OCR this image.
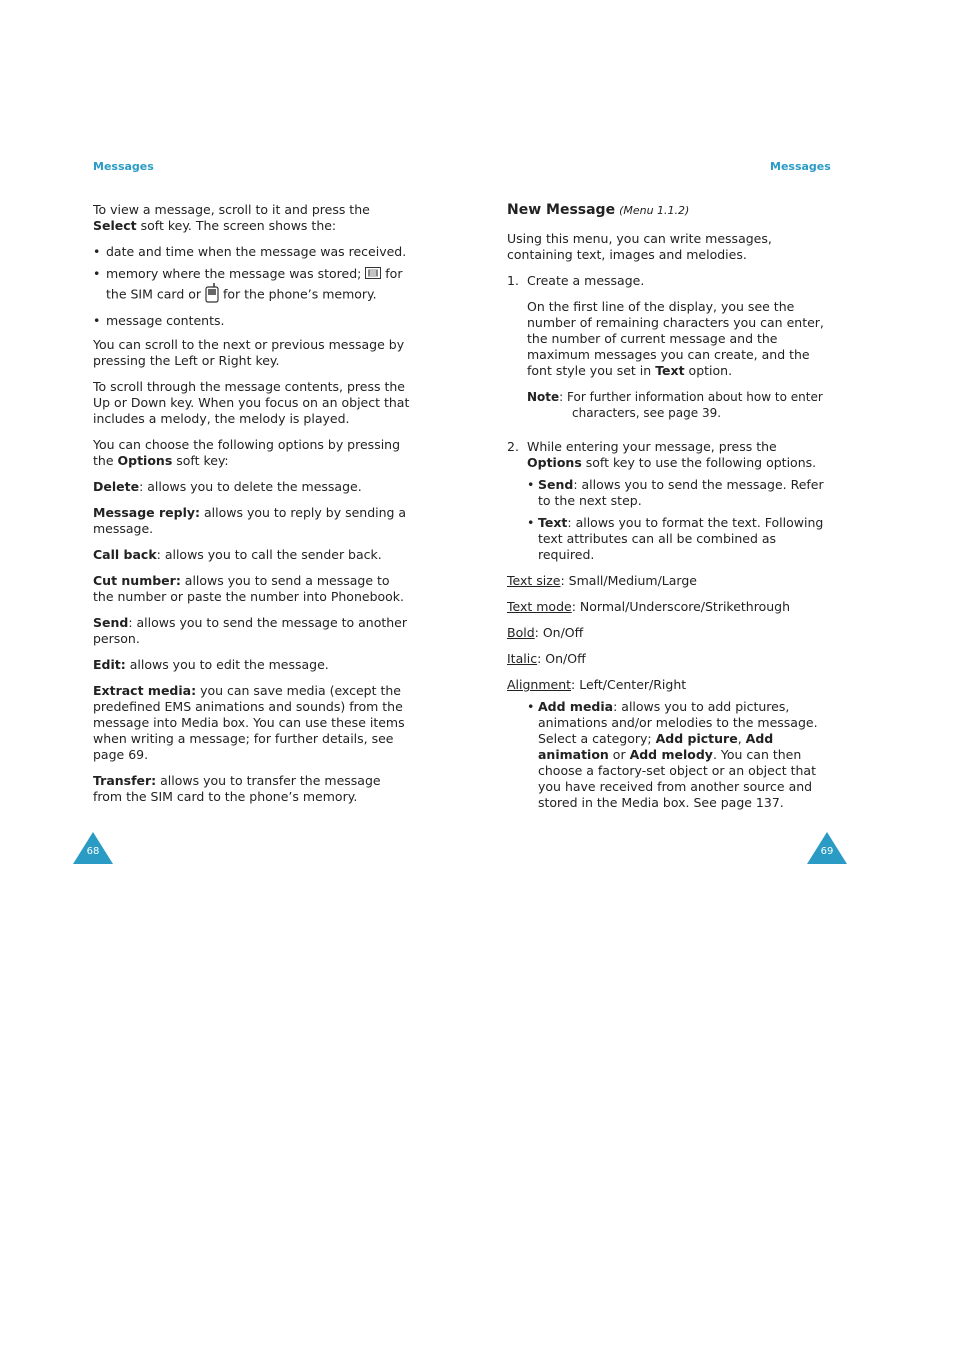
Messages	Messages

To view a message, scroll to it and press the Select soft key. The screen shows the:

• date and time when the message was received.
• memory where the message was stored;  for the SIM card or  for the phone’s memory.
• message contents.

You can scroll to the next or previous message by pressing the Left or Right key.

To scroll through the message contents, press the Up or Down key. When you focus on an object that includes a melody, the melody is played.

You can choose the following options by pressing the Options soft key:

Delete: allows you to delete the message.

Message reply: allows you to reply by sending a message.

Call back: allows you to call the sender back.

Cut number: allows you to send a message to the number or paste the number into Phonebook.

Send: allows you to send the message to another person.

Edit: allows you to edit the message.

Extract media: you can save media (except the predefined EMS animations and sounds) from the message into Media box. You can use these items when writing a message; for further details, see page 69.

Transfer: allows you to transfer the message from the SIM card to the phone’s memory.

New Message (Menu 1.1.2)

Using this menu, you can write messages, containing text, images and melodies.

1. Create a message.

On the first line of the display, you see the number of remaining characters you can enter, the number of current message and the maximum messages you can create, and the font style you set in Text option.

Note: For further information about how to enter
characters, see page 39.
2. While entering your message, press the Options soft key to use the following options.

• Send: allows you to send the message. Refer to the next step.
• Text: allows you to format the text. Following text attributes can all be combined as required.

Text size: Small/Medium/Large

Text mode: Normal/Underscore/Strikethrough

Bold: On/Off

Italic: On/Off

Alignment: Left/Center/Right

• Add media: allows you to add pictures, animations and/or melodies to the message. Select a category; Add picture, Add animation or Add melody. You can then choose a factory-set object or an object that you have received from another source and stored in the Media box. See page 137.
68	69
